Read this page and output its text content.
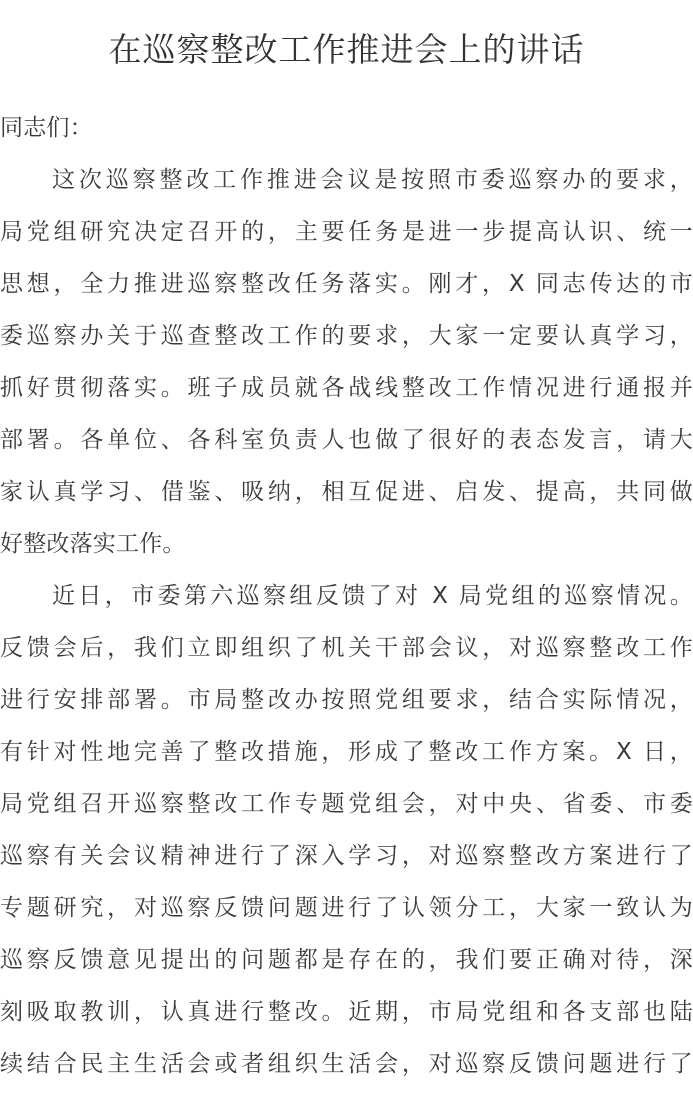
在巡察整改工作推进会上的讲话
同志们：
这次巡察整改工作推进会议是按照市委巡察办的要求，
局党组研究决定召开的，主要任务是进一步提高认识、统一
思想，全力推进巡察整改任务落实。刚才，X 同志传达的市
委巡察办关于巡查整改工作的要求，大家一定要认真学习，
抓好贯彻落实。班子成员就各战线整改工作情况进行通报并
部署。各单位、各科室负责人也做了很好的表态发言，请大
家认真学习、借鉴、吸纳，相互促进、启发、提高，共同做
好整改落实工作。
近日，市委第六巡察组反馈了对 X 局党组的巡察情况。
反馈会后，我们立即组织了机关干部会议，对巡察整改工作
进行安排部署。市局整改办按照党组要求，结合实际情况，
有针对性地完善了整改措施，形成了整改工作方案。X 日，
局党组召开巡察整改工作专题党组会，对中央、省委、市委
巡察有关会议精神进行了深入学习，对巡察整改方案进行了
专题研究，对巡察反馈问题进行了认领分工，大家一致认为
巡察反馈意见提出的问题都是存在的，我们要正确对待，深
刻吸取教训，认真进行整改。近期，市局党组和各支部也陆
续结合民主生活会或者组织生活会，对巡察反馈问题进行了
